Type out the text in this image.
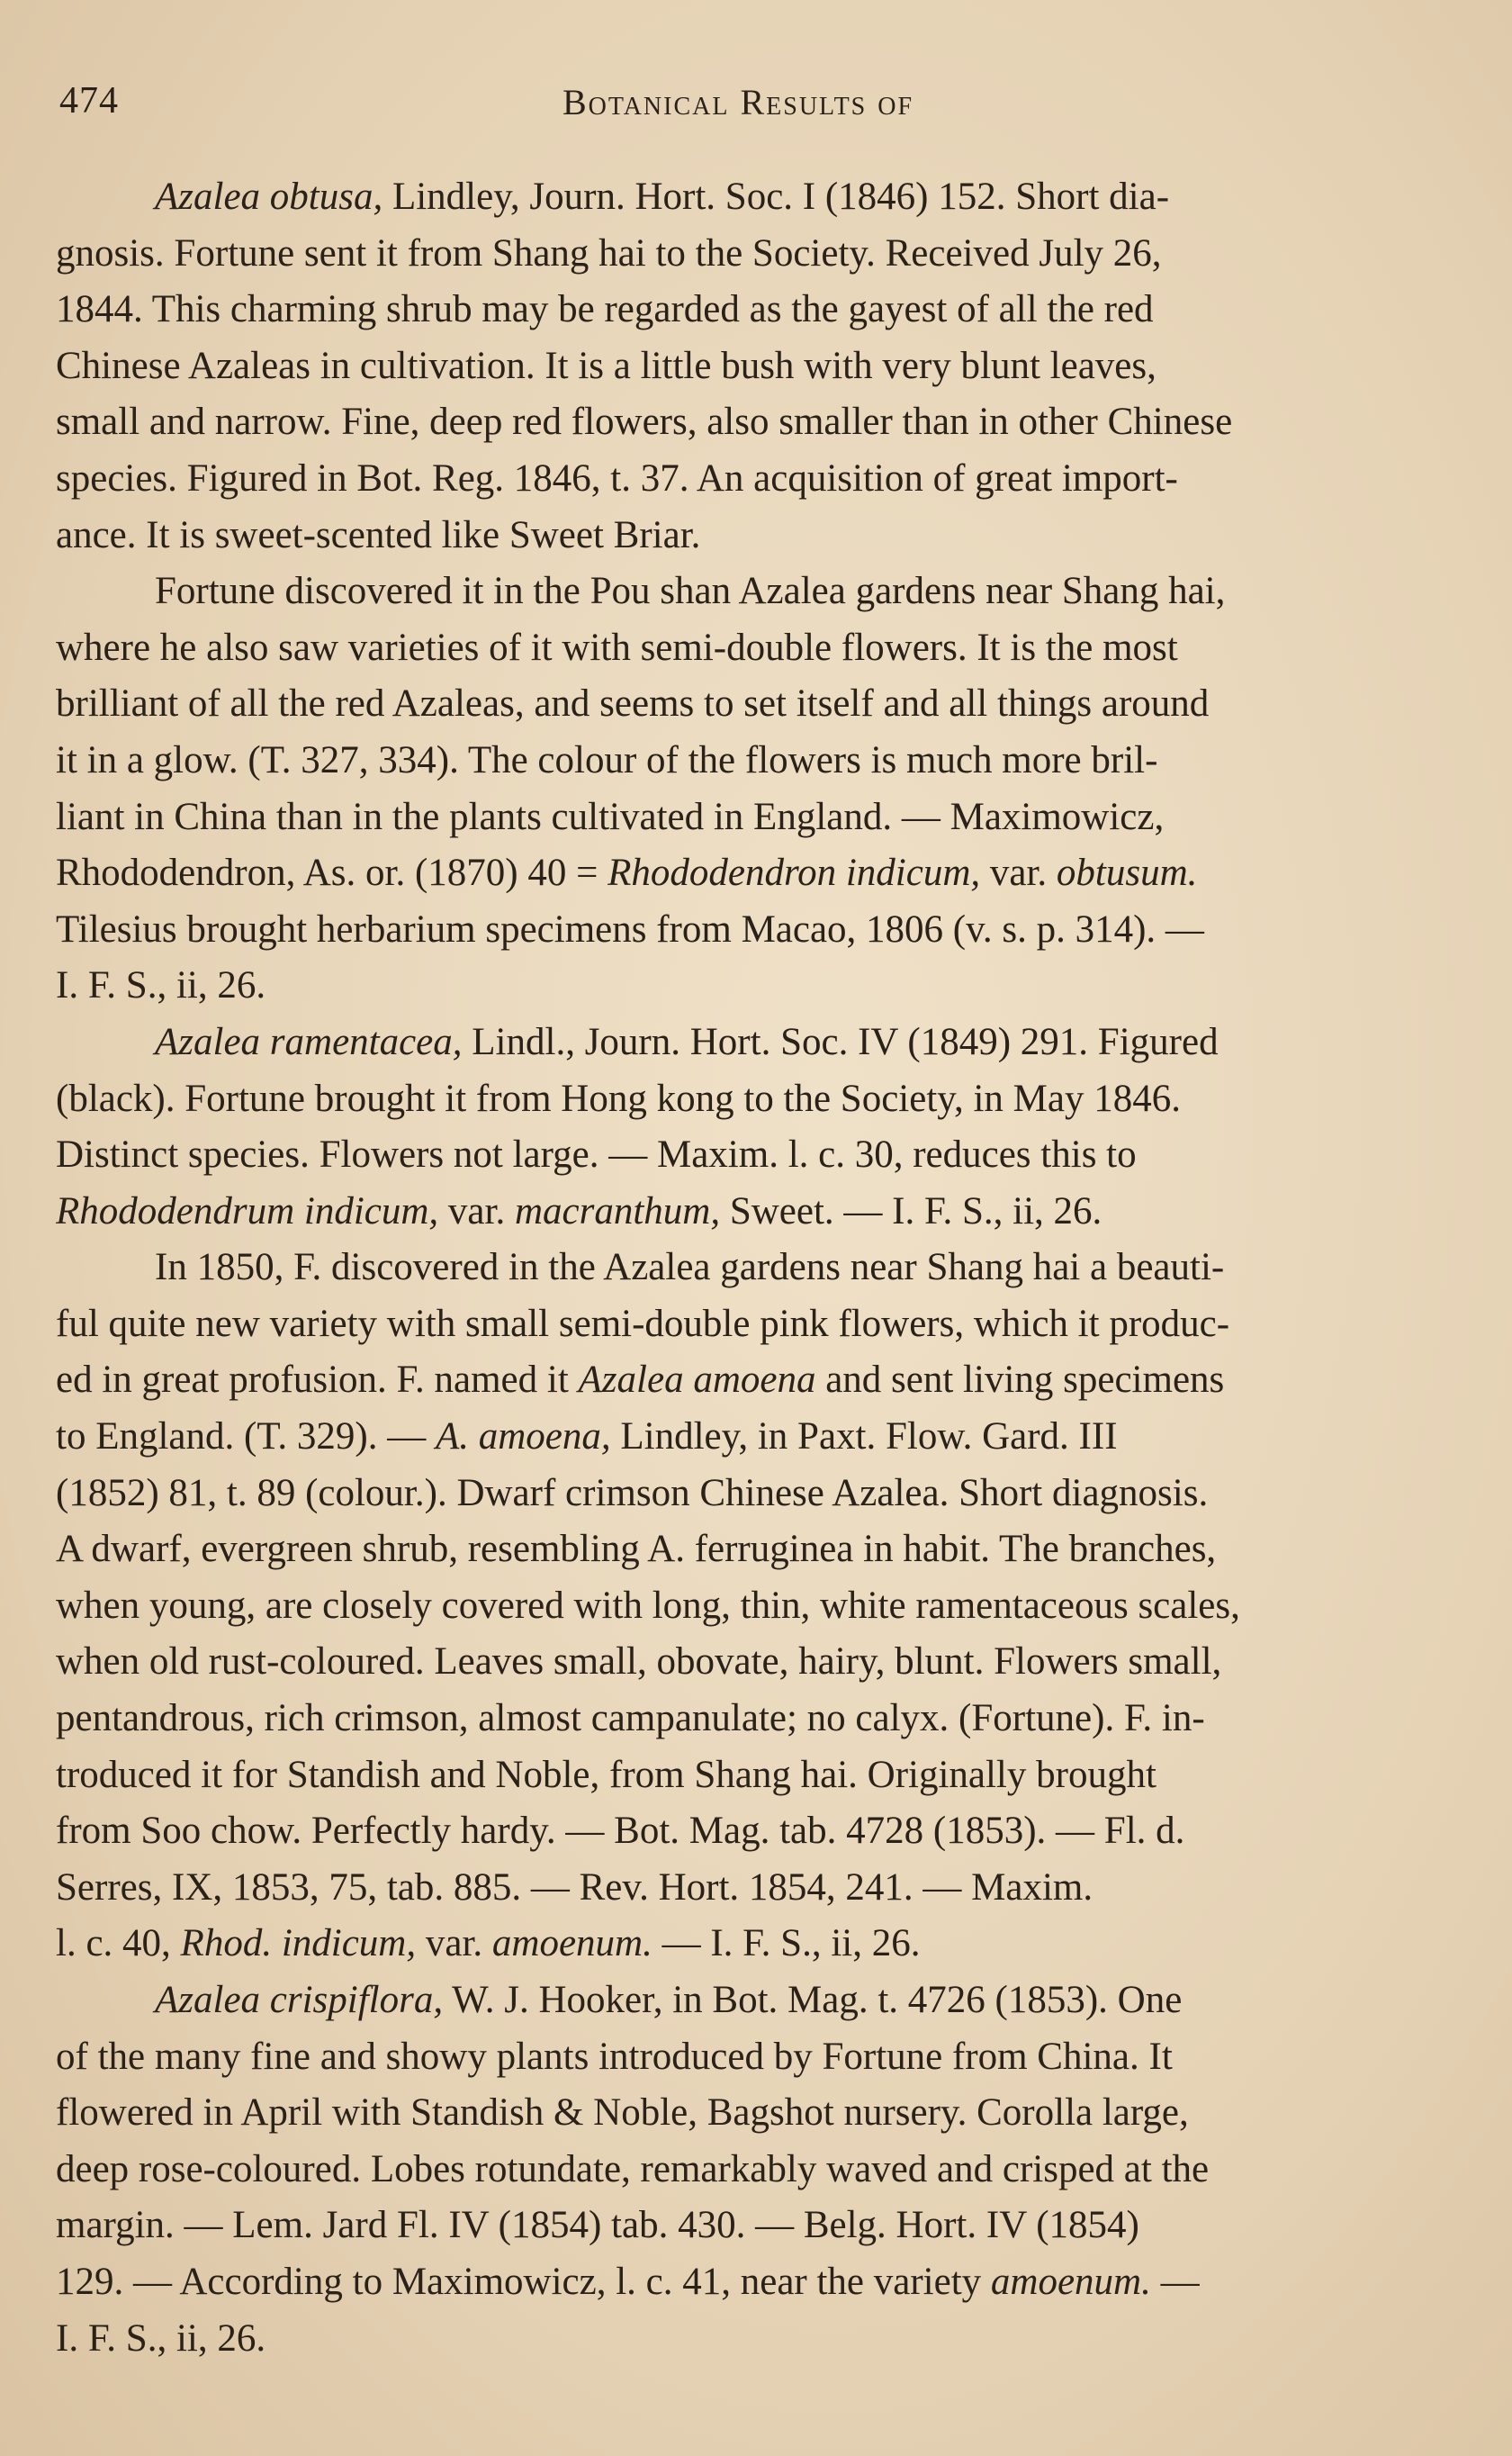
474	Botanical Results of
Azalea obtusa, Lindley, Journ. Hort. Soc. I (1846) 152. Short dia-
gnosis. Fortune sent it from Shang hai to the Society. Received July 26,
1844. This charming shrub may be regarded as the gayest of all the red
Chinese Azaleas in cultivation. It is a little bush with very blunt leaves,
small and narrow. Fine, deep red flowers, also smaller than in other Chinese
species. Figured in Bot. Reg. 1846, t. 37. An acquisition of great import-
ance. It is sweet-scented like Sweet Briar.
Fortune discovered it in the Pou shan Azalea gardens near Shang hai,
where he also saw varieties of it with semi-double flowers. It is the most
brilliant of all the red Azaleas, and seems to set itself and all things around
it in a glow. (T. 327, 334). The colour of the flowers is much more bril-
liant in China than in the plants cultivated in England. — Maximowicz,
Rhododendron, As. or. (1870) 40 = Rhododendron indicum, var. obtusum.
Tilesius brought herbarium specimens from Macao, 1806 (v. s. p. 314). —
I. F. S., ii, 26.
Azalea ramentacea, Lindl., Journ. Hort. Soc. IV (1849) 291. Figured
(black). Fortune brought it from Hong kong to the Society, in May 1846.
Distinct species. Flowers not large. — Maxim. l. c. 30, reduces this to
Rhododendrum indicum, var. macranthum, Sweet. — I. F. S., ii, 26.
In 1850, F. discovered in the Azalea gardens near Shang hai a beauti-
ful quite new variety with small semi-double pink flowers, which it produc-
ed in great profusion. F. named it Azalea amoena and sent living specimens
to England. (T. 329). — A. amoena, Lindley, in Paxt. Flow. Gard. III
(1852) 81, t. 89 (colour.). Dwarf crimson Chinese Azalea. Short diagnosis.
A dwarf, evergreen shrub, resembling A. ferruginea in habit. The branches,
when young, are closely covered with long, thin, white ramentaceous scales,
when old rust-coloured. Leaves small, obovate, hairy, blunt. Flowers small,
pentandrous, rich crimson, almost campanulate; no calyx. (Fortune). F. in-
troduced it for Standish and Noble, from Shang hai. Originally brought
from Soo chow. Perfectly hardy. — Bot. Mag. tab. 4728 (1853). — Fl. d.
Serres, IX, 1853, 75, tab. 885. — Rev. Hort. 1854, 241. — Maxim.
l. c. 40, Rhod. indicum, var. amoenum. — I. F. S., ii, 26.
Azalea crispiflora, W. J. Hooker, in Bot. Mag. t. 4726 (1853). One
of the many fine and showy plants introduced by Fortune from China. It
flowered in April with Standish & Noble, Bagshot nursery. Corolla large,
deep rose-coloured. Lobes rotundate, remarkably waved and crisped at the
margin. — Lem. Jard Fl. IV (1854) tab. 430. — Belg. Hort. IV (1854)
129. — According to Maximowicz, l. c. 41, near the variety amoenum. —
I. F. S., ii, 26.
